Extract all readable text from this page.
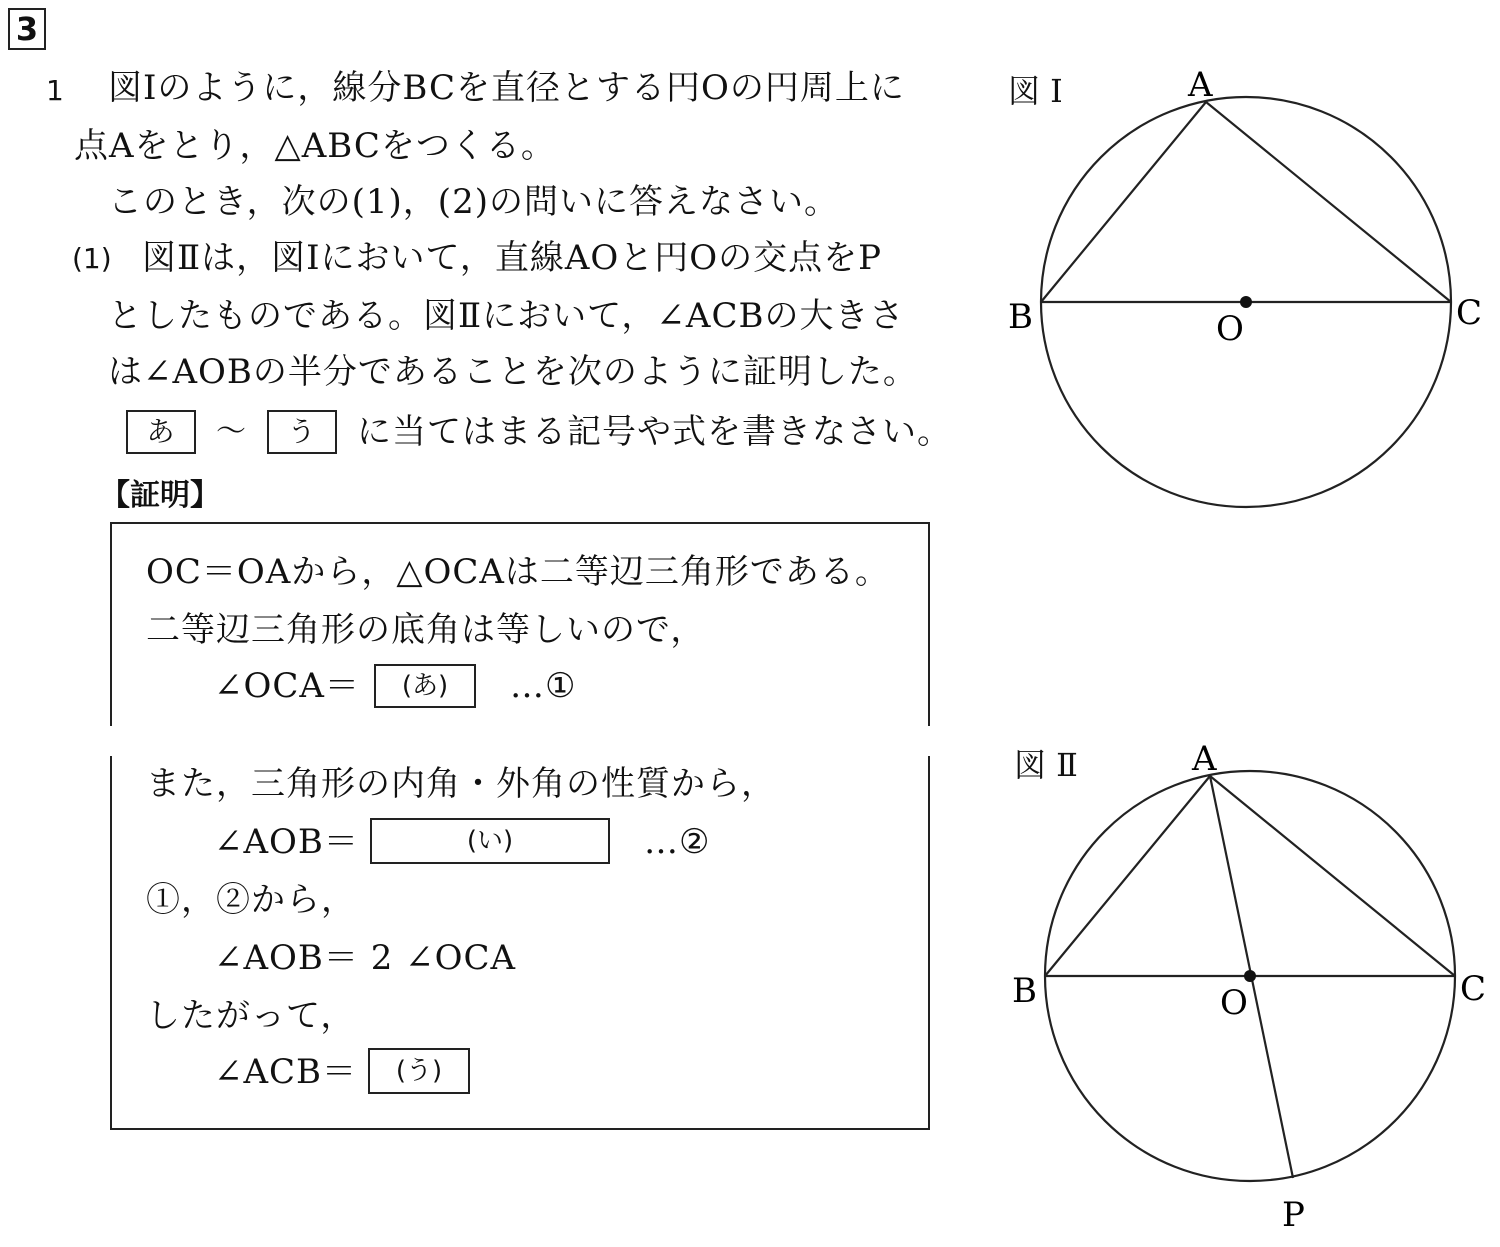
3
1 図Ⅰのように，線分BCを直径とする円Oの円周上に
点Aをとり，△ABCをつくる。
このとき，次の(1)，(2)の問いに答えなさい。
(1) 図Ⅱは，図Ⅰにおいて，直線AOと円Oの交点をP
としたものである。図Ⅱにおいて，∠ACBの大きさ
は∠AOBの半分であることを次のように証明した。
あ	～	う	に当てはまる記号や式を書きなさい。
【証明】
OC＝OAから，△OCAは二等辺三角形である。
二等辺三角形の底角は等しいので，
∠OCA＝	(あ)	…①
また，三角形の内角・外角の性質から，
∠AOB＝	(い)	…②
①，②から，
∠AOB＝ 2 ∠OCA
したがって，
∠ACB＝	(う)
図 Ⅰ	A
B	C
O
図 Ⅱ	A
B	C
O
P
